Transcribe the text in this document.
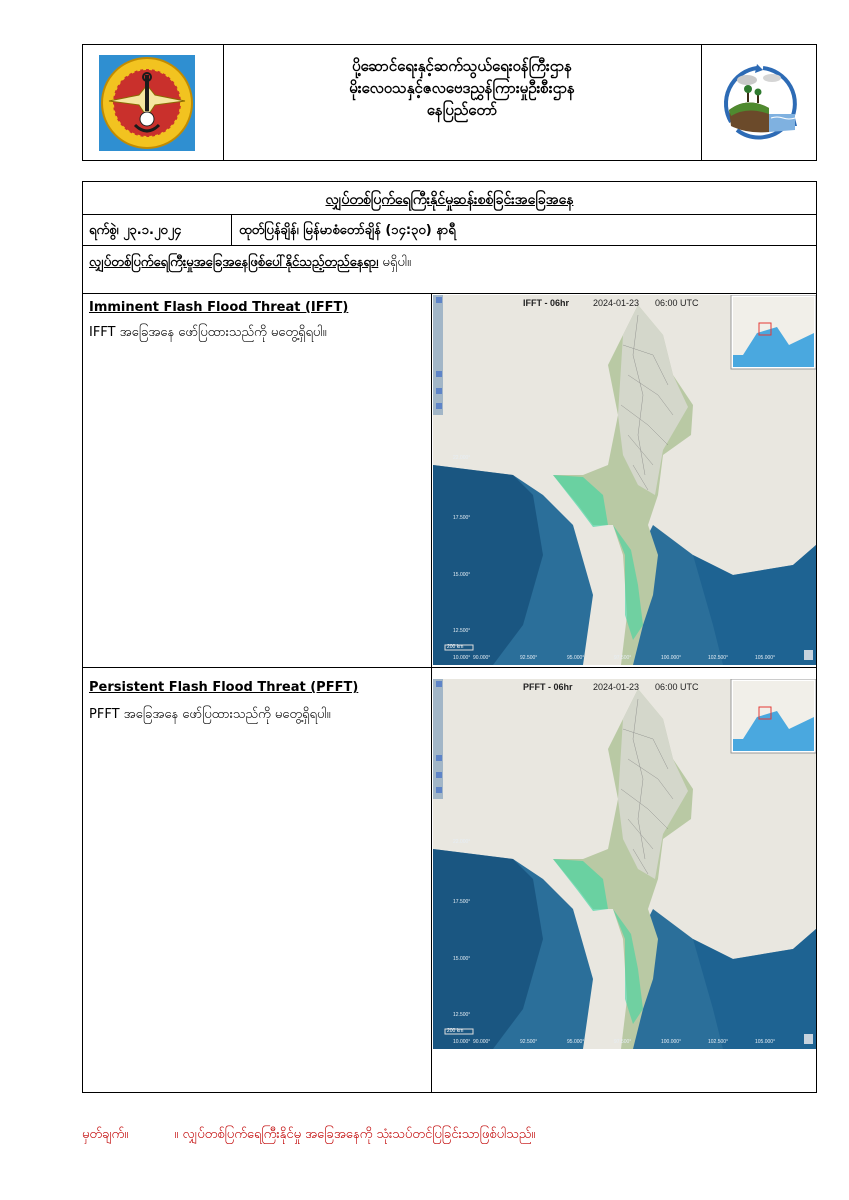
ပို့ဆောင်ရေးနှင့်ဆက်သွယ်ရေးဝန်ကြီးဌာန
မိုးလေဝသနှင့်ဇလဗေဒညွှန်ကြားမှုဦးစီးဌာန
နေပြည်တော်
လျှပ်တစ်ပြက်ရေကြီးနိုင်မှုဆန်းစစ်ခြင်းအခြေအနေ
ရက်စွဲ၊ ၂၃.၁.၂၀၂၄	ထုတ်ပြန်ချိန်၊ မြန်မာစံတော်ချိန် (၁၄:၃၀) နာရီ
လျှပ်တစ်ပြက်ရေကြီးမှုအခြေအနေဖြစ်ပေါ်နိုင်သည့်တည်နေရာ၊ မရှိပါ။
Imminent Flash Flood Threat (IFFT)
IFFT အခြေအနေ ဖော်ပြထားသည်ကို မတွေ့ရှိရပါ။
IFFT - 06hr	2024-01-23 06:00 UTC
200 km
22.000°
17.500°
15.000°
12.500°
10.000° 90.000°	92.500°	95.000°	97.500°	100.000°	102.500°	105.000°
Persistent Flash Flood Threat (PFFT)
PFFT အခြေအနေ ဖော်ပြထားသည်ကို မတွေ့ရှိရပါ။
PFFT - 06hr 2024-01-23 06:00 UTC
200 km
22.000°
17.500°
15.000°
12.500°
10.000° 90.000°	92.500°	95.000°	97.500°	100.000°	102.500°	105.000°
မှတ်ချက်။	။ လျှပ်တစ်ပြက်ရေကြီးနိုင်မှု အခြေအနေကို သုံးသပ်တင်ပြခြင်းသာဖြစ်ပါသည်။
